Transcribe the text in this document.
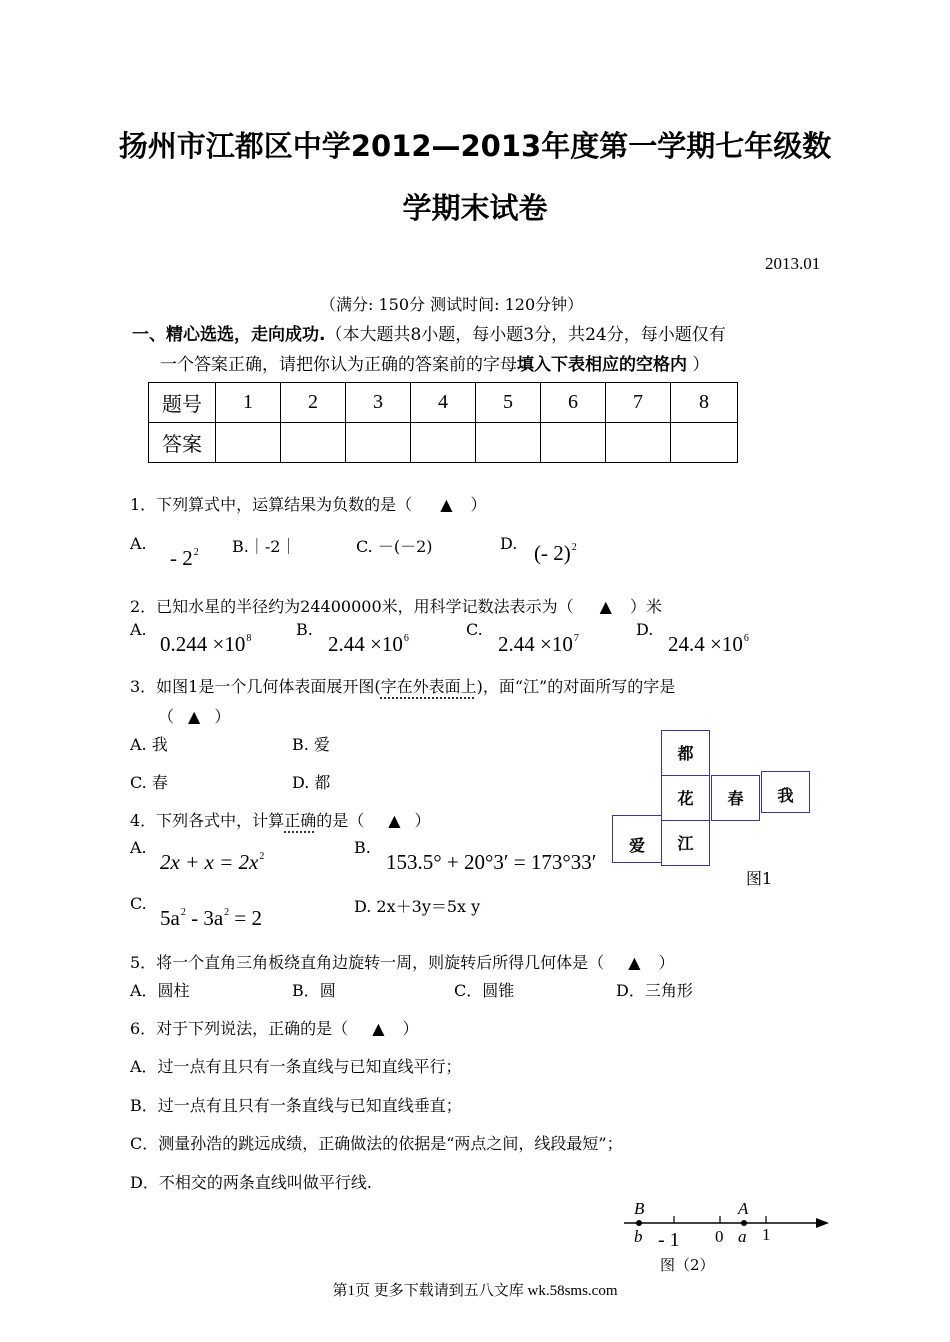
扬州市江都区中学2012—2013年度第一学期七年级数
学期末试卷
2013.01
（满分: 150分 测试时间: 120分钟）
一、精心选选，走向成功.（本大题共8小题，每小题3分，共24分，每小题仅有
一个答案正确，请把你认为正确的答案前的字母填入下表相应的空格内 ）
题号	1	2	3	4	5	6	7	8
答案								
1．下列算式中，运算结果为负数的是（ ▲ ）
A.
- $2^2$ B.｜-2｜	C. －(－2)	D. (- 2)$^2$
2．已知水星的半径约为24400000米，用科学记数法表示为（ ▲ ）米
A.
$0.244 \times 10^8$	B.
$2.44 \times 10^6$	C.
$2.44 \times 10^7$	D.
$24.4 \times 10^6$
3．如图1是一个几何体表面展开图(字在外表面上)，面“江”的对面所写的字是
（ ▲ ）
A. 我	B. 爱
C. 春	D. 都
都
花	春	我
爱	江
图1
4．下列各式中，计算正确的是（ ▲ ）
A.
$2x + x = 2x^2$	B.
153.5° + 20°3′ = 173°33′
C.
$5a^2 - 3a^2 = 2$	D. 2x＋3y＝5x y
5．将一个直角三角板绕直角边旋转一周，则旋转后所得几何体是（ ▲ ）
A．圆柱	B．圆	C．圆锥	D．三角形
6．对于下列说法，正确的是（ ▲ ）
A．过一点有且只有一条直线与已知直线平行；
B．过一点有且只有一条直线与已知直线垂直；
C．测量孙浩的跳远成绩，正确做法的依据是“两点之间，线段最短”；
D．不相交的两条直线叫做平行线.
B	A
b - 1 0 a 1
图（2）
第1页 更多下载请到五八文库 wk.58sms.com
